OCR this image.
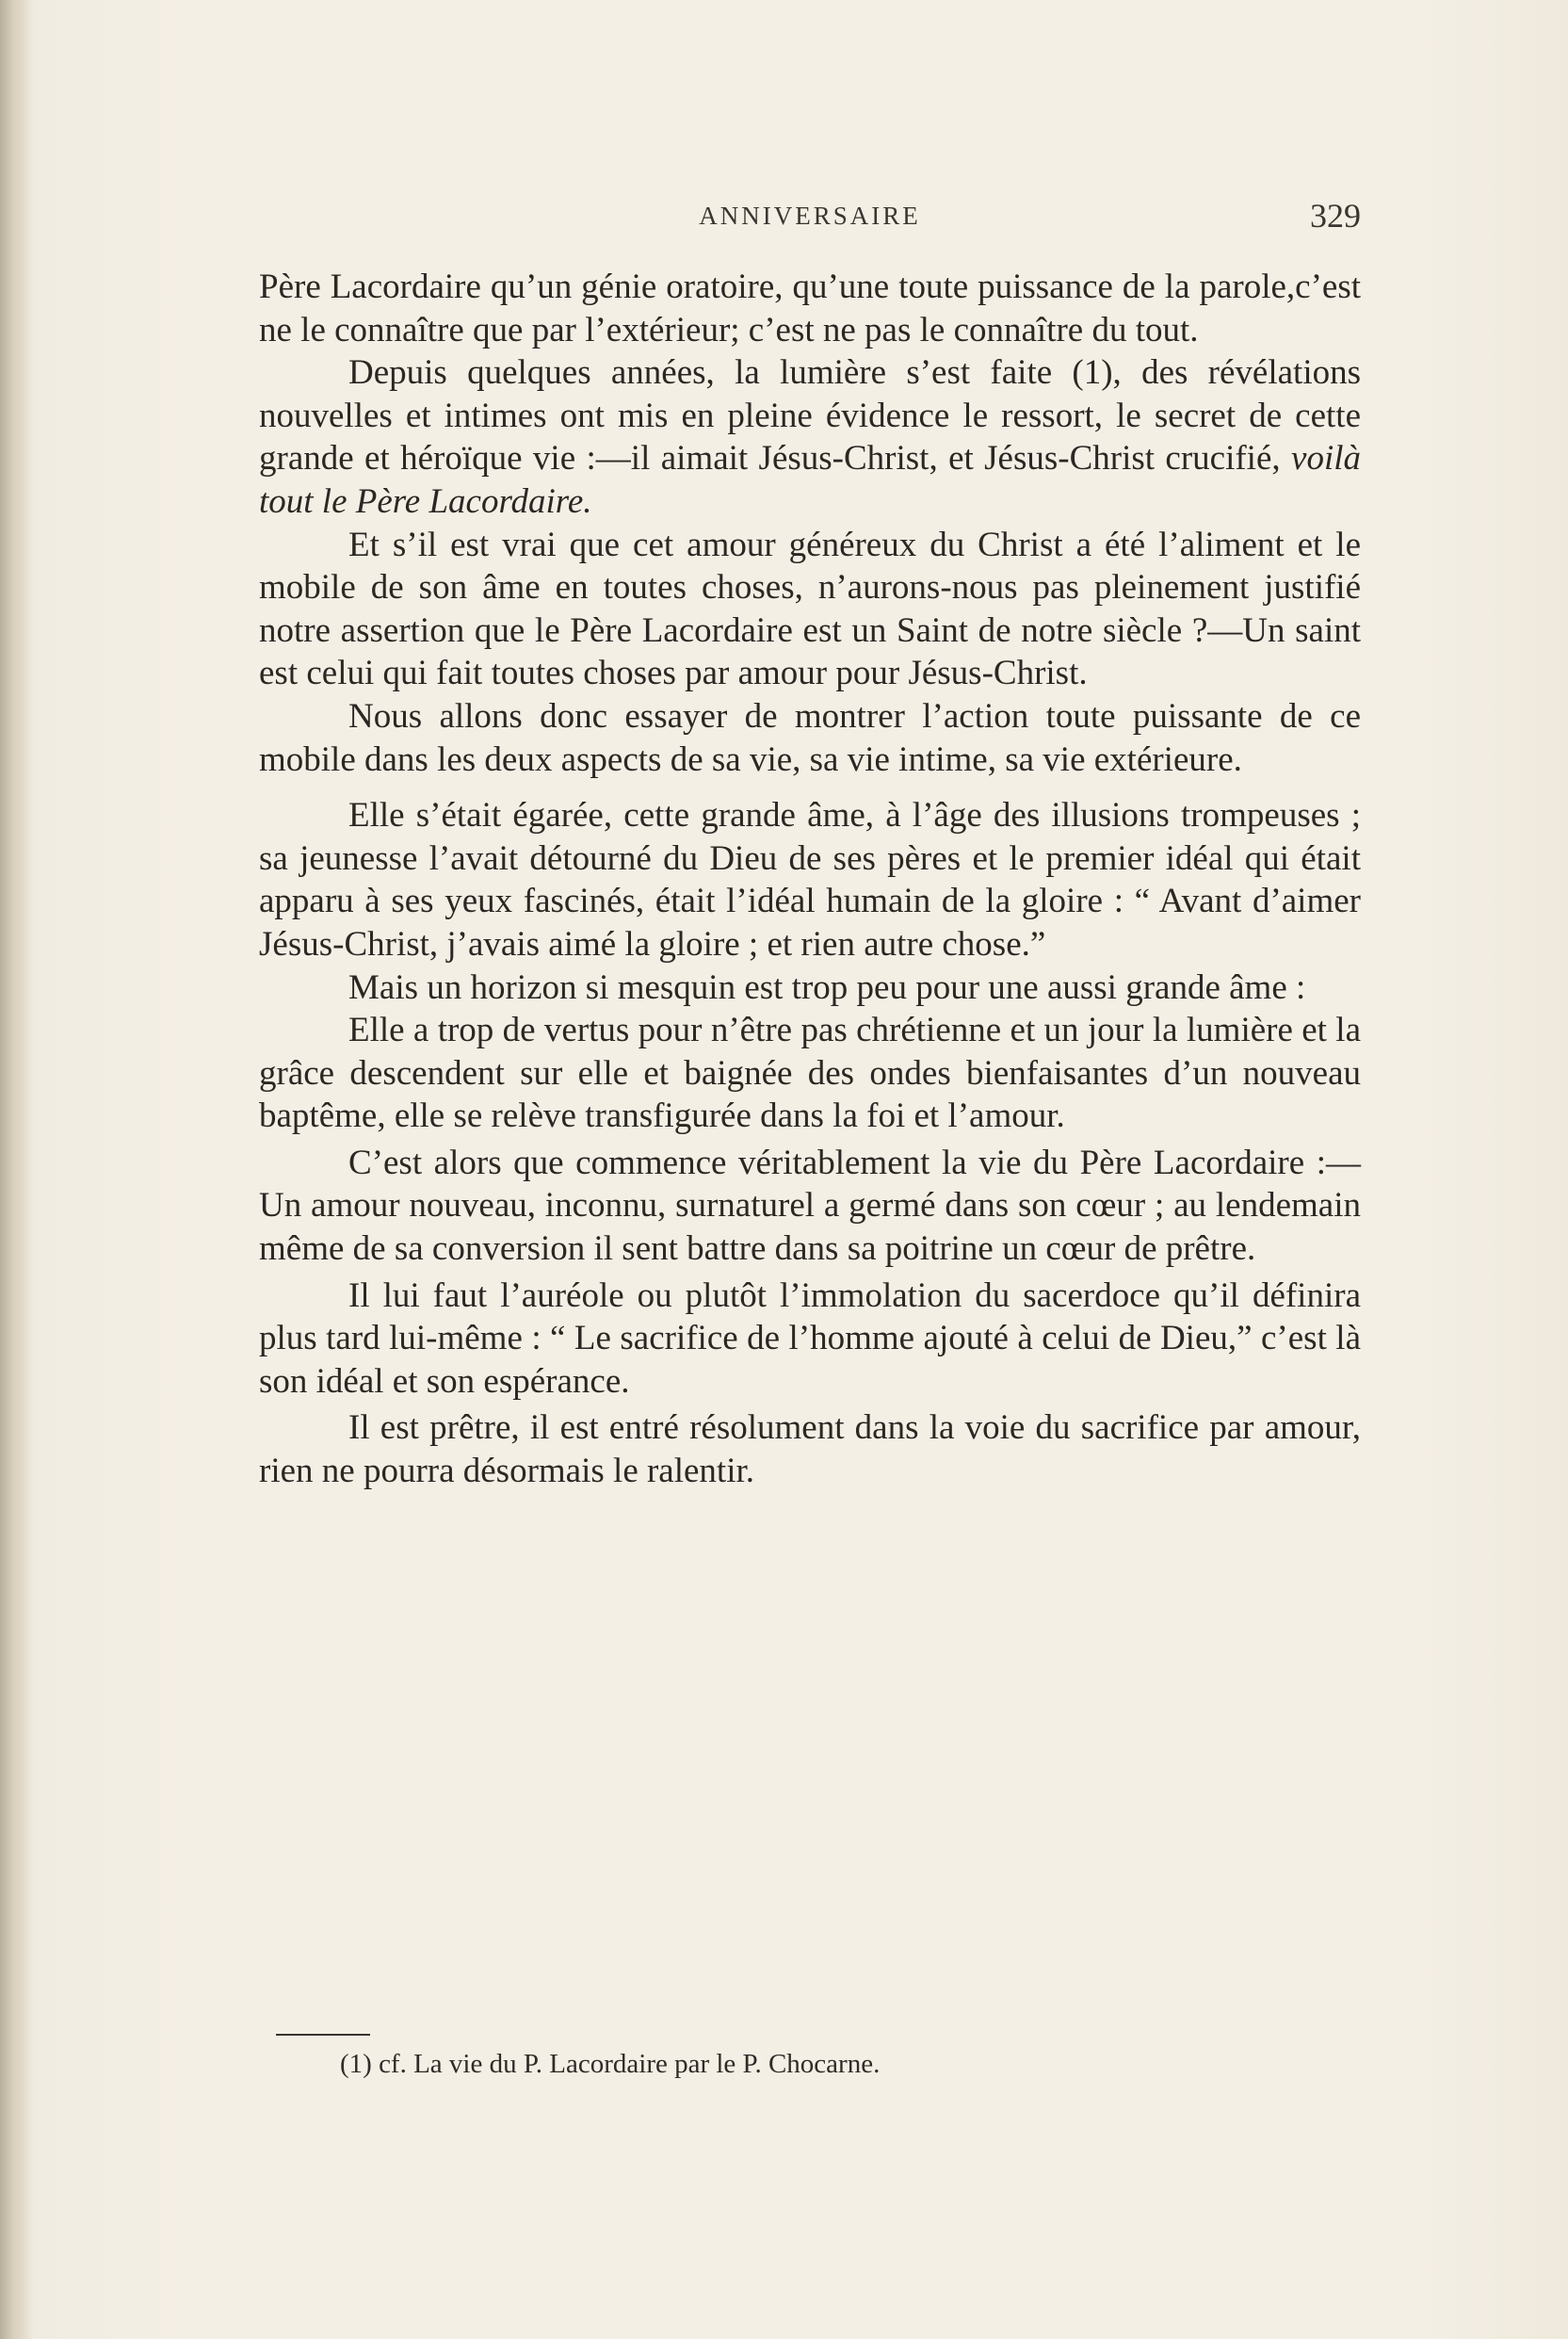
ANNIVERSAIRE	329

Père Lacordaire qu’un génie oratoire, qu’une toute puissance de la parole,c’est ne le connaître que par l’extérieur; c’est ne pas le connaître du tout.

Depuis quelques années, la lumière s’est faite (1), des révélations nouvelles et intimes ont mis en pleine évidence le ressort, le secret de cette grande et héroïque vie :—il aimait Jésus-Christ, et Jésus-Christ crucifié, voilà tout le Père Lacordaire.

Et s’il est vrai que cet amour généreux du Christ a été l’aliment et le mobile de son âme en toutes choses, n’aurons-nous pas pleinement justifié notre assertion que le Père Lacordaire est un Saint de notre siècle ?—Un saint est celui qui fait toutes choses par amour pour Jésus-Christ.

Nous allons donc essayer de montrer l’action toute puissante de ce mobile dans les deux aspects de sa vie, sa vie intime, sa vie extérieure.

Elle s’était égarée, cette grande âme, à l’âge des illusions trompeuses ; sa jeunesse l’avait détourné du Dieu de ses pères et le premier idéal qui était apparu à ses yeux fascinés, était l’idéal humain de la gloire : “ Avant d’aimer Jésus-Christ, j’avais aimé la gloire ; et rien autre chose.”

Mais un horizon si mesquin est trop peu pour une aussi grande âme :

Elle a trop de vertus pour n’être pas chrétienne et un jour la lumière et la grâce descendent sur elle et baignée des ondes bienfaisantes d’un nouveau baptême, elle se relève transfigurée dans la foi et l’amour.

C’est alors que commence véritablement la vie du Père Lacordaire :—Un amour nouveau, inconnu, surnaturel a germé dans son cœur ; au lendemain même de sa conversion il sent battre dans sa poitrine un cœur de prêtre.

Il lui faut l’auréole ou plutôt l’immolation du sacerdoce qu’il définira plus tard lui-même : “ Le sacrifice de l’homme ajouté à celui de Dieu,” c’est là son idéal et son espérance.

Il est prêtre, il est entré résolument dans la voie du sacrifice par amour, rien ne pourra désormais le ralentir.

(1) cf. La vie du P. Lacordaire par le P. Chocarne.
